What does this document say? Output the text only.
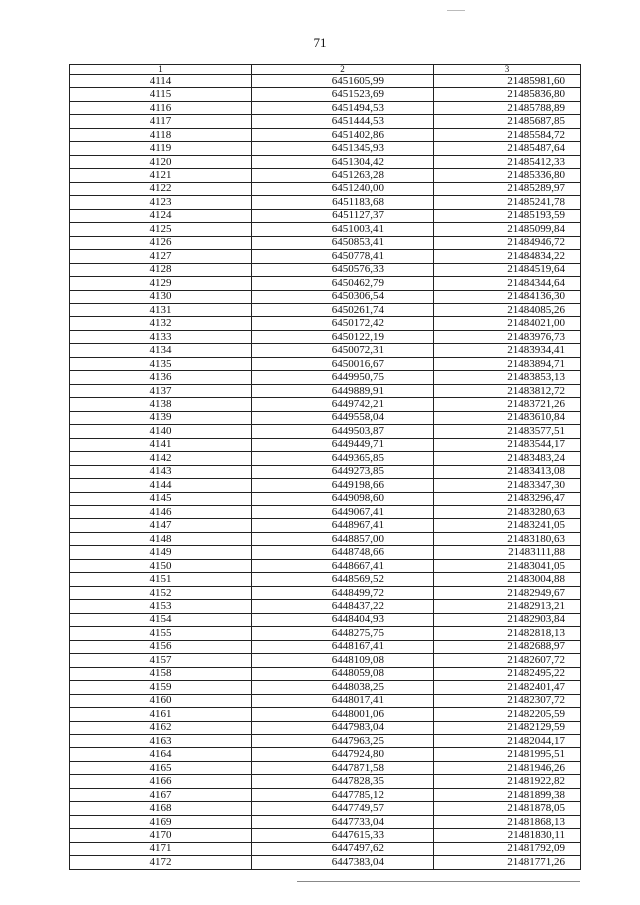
71
1	2	3
4114	6451605,99	21485981,60
4115	6451523,69	21485836,80
4116	6451494,53	21485788,89
4117	6451444,53	21485687,85
4118	6451402,86	21485584,72
4119	6451345,93	21485487,64
4120	6451304,42	21485412,33
4121	6451263,28	21485336,80
4122	6451240,00	21485289,97
4123	6451183,68	21485241,78
4124	6451127,37	21485193,59
4125	6451003,41	21485099,84
4126	6450853,41	21484946,72
4127	6450778,41	21484834,22
4128	6450576,33	21484519,64
4129	6450462,79	21484344,64
4130	6450306,54	21484136,30
4131	6450261,74	21484085,26
4132	6450172,42	21484021,00
4133	6450122,19	21483976,73
4134	6450072,31	21483934,41
4135	6450016,67	21483894,71
4136	6449950,75	21483853,13
4137	6449889,91	21483812,72
4138	6449742,21	21483721,26
4139	6449558,04	21483610,84
4140	6449503,87	21483577,51
4141	6449449,71	21483544,17
4142	6449365,85	21483483,24
4143	6449273,85	21483413,08
4144	6449198,66	21483347,30
4145	6449098,60	21483296,47
4146	6449067,41	21483280,63
4147	6448967,41	21483241,05
4148	6448857,00	21483180,63
4149	6448748,66	21483111,88
4150	6448667,41	21483041,05
4151	6448569,52	21483004,88
4152	6448499,72	21482949,67
4153	6448437,22	21482913,21
4154	6448404,93	21482903,84
4155	6448275,75	21482818,13
4156	6448167,41	21482688,97
4157	6448109,08	21482607,72
4158	6448059,08	21482495,22
4159	6448038,25	21482401,47
4160	6448017,41	21482307,72
4161	6448001,06	21482205,59
4162	6447983,04	21482129,59
4163	6447963,25	21482044,17
4164	6447924,80	21481995,51
4165	6447871,58	21481946,26
4166	6447828,35	21481922,82
4167	6447785,12	21481899,38
4168	6447749,57	21481878,05
4169	6447733,04	21481868,13
4170	6447615,33	21481830,11
4171	6447497,62	21481792,09
4172	6447383,04	21481771,26
